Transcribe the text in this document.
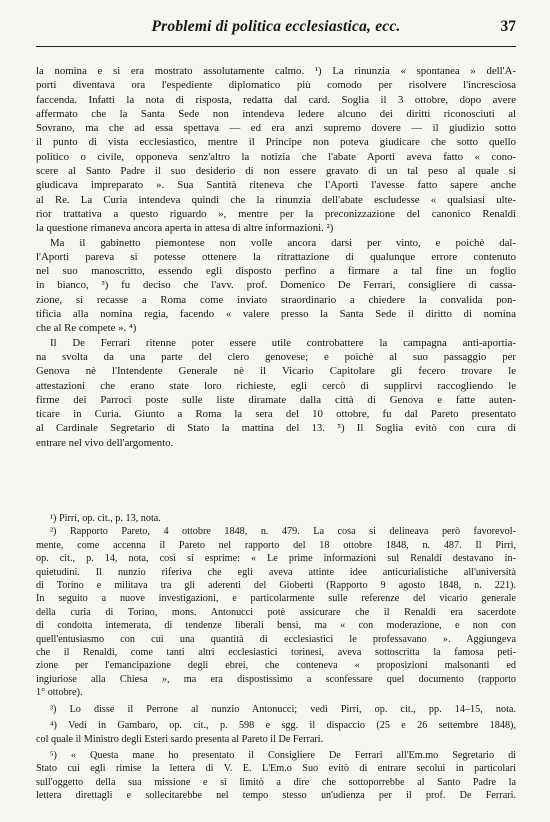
Problemi di politica ecclesiastica, ecc.	37
la nomina e si era mostrato assolutamente calmo. ¹) La rinunzia « spontanea » dell'A-
porti diventava ora l'espediente diplomatico più comodo per risolvere l'incresciosa
faccenda. Infatti la nota di risposta, redatta dal card. Soglia il 3 ottobre, dopo avere
affermato che la Santa Sede non intendeva ledere alcuno dei diritti riconosciuti al
Sovrano, ma che ad essa spettava — ed era anzi supremo dovere — il giudizio sotto
il punto di vista ecclesiastico, mentre il Principe non poteva giudicare che sotto quello
politico o civile, opponeva senz'altro la notizia che l'abate Aporti aveva fatto « cono-
scere al Santo Padre il suo desiderio di non essere gravato di un tal peso al quale si
giudicava impreparato ». Sua Santità riteneva che l'Aporti l'avesse fatto sapere anche
al Re. La Curia intendeva quindi che la rinunzia dell'abate escludesse « qualsiasi ulte-
rior trattativa a questo riguardo », mentre per la preconizzazione del canonico Renaldi
la questione rimaneva ancora aperta in attesa di altre informazioni. ²)
Ma il gabinetto piemontese non volle ancora darsi per vinto, e poichè dal-
l'Aporti pareva si potesse ottenere la ritrattazione di qualunque errore contenuto
nel suo manoscritto, essendo egli disposto perfino a firmare a tal fine un foglio
in bianco, ³) fu deciso che l'avv. prof. Domenico De Ferrari, consigliere di cassa-
zione, si recasse a Roma come inviato straordinario a chiedere la convalida pon-
tificia alla nomina regia, facendo « valere presso la Santa Sede il diritto di nomina
che al Re compete ». ⁴)
Il De Ferrari ritenne poter essere utile controbattere la campagna anti-aportia-
na svolta da una parte del clero genovese; e poichè al suo passaggio per
Genova nè l'Intendente Generale nè il Vicario Capitolare gli fecero trovare le
attestazioni che erano state loro richieste, egli cercò di supplirvi raccogliendo le
firme dei Parroci poste sulle liste diramate dalla città di Genova e fatte auten-
ticare in Curia. Giunto a Roma la sera del 10 ottobre, fu dal Pareto presentato
al Cardinale Segretario di Stato la mattina del 13. ⁵) Il Soglia evitò con cura di
entrare nel vivo dell'argomento.
¹) Pirri, op. cit., p. 13, nota.
²) Rapporto Pareto, 4 ottobre 1848, n. 479. La cosa si delineava però favorevol-
mente, come accenna il Pareto nel rapporto del 18 ottobre 1848, n. 487. Il Pirri,
op. cit., p. 14, nota, così si esprime: « Le prime informazioni sul Renaldi destavano in-
quietudini. Il nunzio riferiva che egli aveva attinte idee anticurialistiche all'università
di Torino e militava tra gli aderenti del Gioberti (Rapporto 9 agosto 1848, n. 221).
In seguito a nuove investigazioni, e particolarmente sulle referenze del vicario generale
della curia di Torino, mons. Antonucci potè assicurare che il Renaldi era sacerdote
di condotta intemerata, di tendenze liberali bensì, ma « con moderazione, e non con
quell'entusiasmo con cui una quantità di ecclesiastici le professavano ». Aggiungeva
che il Renaldi, come tanti altri ecclesiastici torinesi, aveva sottoscritta la famosa peti-
zione per l'emancipazione degli ebrei, che conteneva « proposizioni malsonanti ed
ingiuriose alla Chiesa », ma era dispostissimo a sconfessare quel documento (rapporto
1° ottobre).
³) Lo disse il Perrone al nunzio Antonucci; vedi Pirri, op. cit., pp. 14–15, nota.
⁴) Vedi in Gambaro, op. cit., p. 598 e sgg. il dispaccio (25 e 26 settembre 1848),
col quale il Ministro degli Esteri sardo presenta al Pareto il De Ferrari.
⁵) « Questa mane ho presentato il Consigliere De Ferrari all'Em.mo Segretario di
Stato cui egli rimise la lettera di V. E. L'Em.o Suo evitò di entrare secolui in particolari
sull'oggetto della sua missione e si limitò a dire che sottoporrebbe al Santo Padre la
lettera direttagli e sollecitarebbe nel tempo stesso un'udienza per il prof. De Ferrari.
